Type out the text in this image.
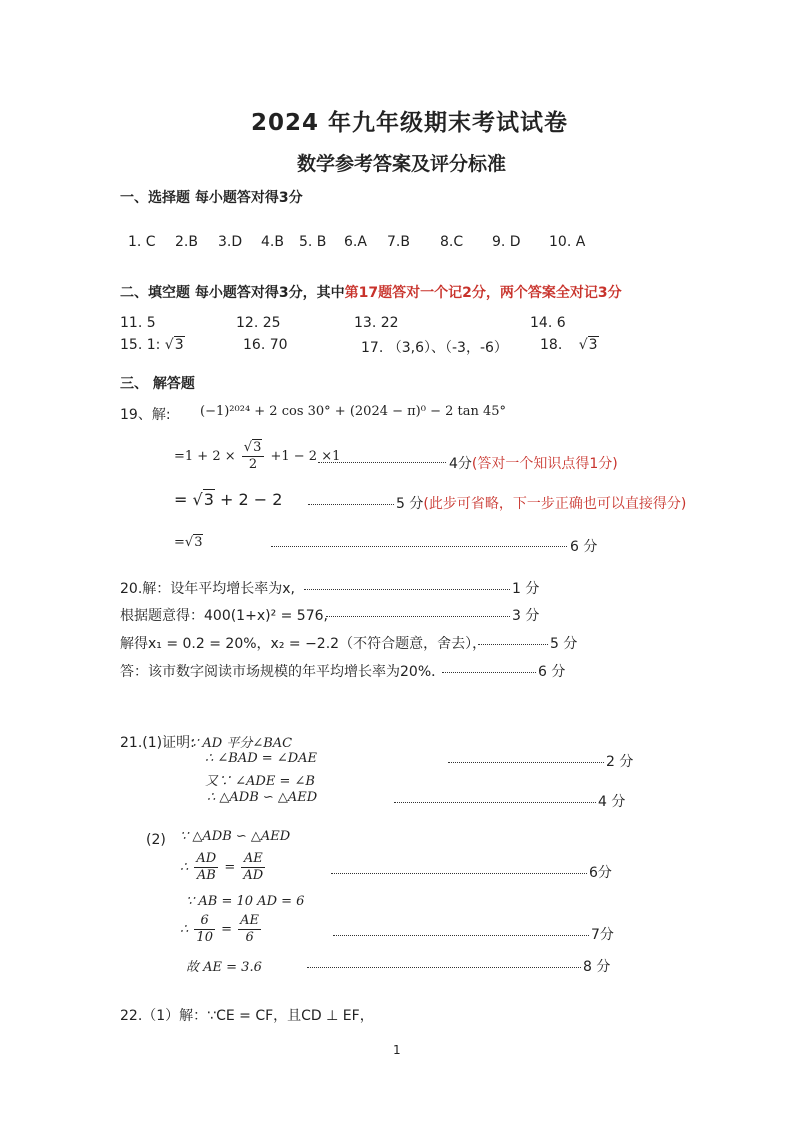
2024 年九年级期末考试试卷
数学参考答案及评分标准
一、选择题 每小题答对得3分
1. C 2.B 3.D 4.B 5. B 6.A 7.B 8.C 9. D 10. A
二、填空题 每小题答对得3分，其中第17题答对一个记2分，两个答案全对记3分
11. 5	12. 25	13. 22	14. 6
15. 1: √3	16. 70	17. （3,6）、（-3，-6） 18. √3
三、 解答题
19、解: (−1)²⁰²⁴ + 2 cos 30° + (2024 − π)⁰ − 2 tan 45°
$=1 + 2 \times \frac{√3}{2} +1 - 2 \times 1$	4分(答对一个知识点得1分)
= √3 + 2 − 2	5 分(此步可省略，下一步正确也可以直接得分)
=√3	6 分
20.解：设年平均增长率为x,	1 分
根据题意得：400(1+x)² = 576,	3 分
解得x₁ = 0.2 = 20%，x₂ = −2.2（不符合题意，舍去），	5 分
答：该市数字阅读市场规模的年平均增长率为20%．	6 分
21.(1)证明:
∵ AD 平分∠BAC
∴ ∠BAD = ∠DAE	2 分
又∵ ∠ADE = ∠B
∴ △ADB ∽ △AED	4 分
(2) ∵ △ADB ∽ △AED
∴ $\frac{AD}{AB} = \frac{AE}{AD}$	6分
∵ AB = 10 AD = 6
∴ $\frac{6}{10} = \frac{AE}{6}$	7分
故 AE = 3.6	8 分
22.（1）解：∵CE = CF，且CD ⊥ EF，
1
